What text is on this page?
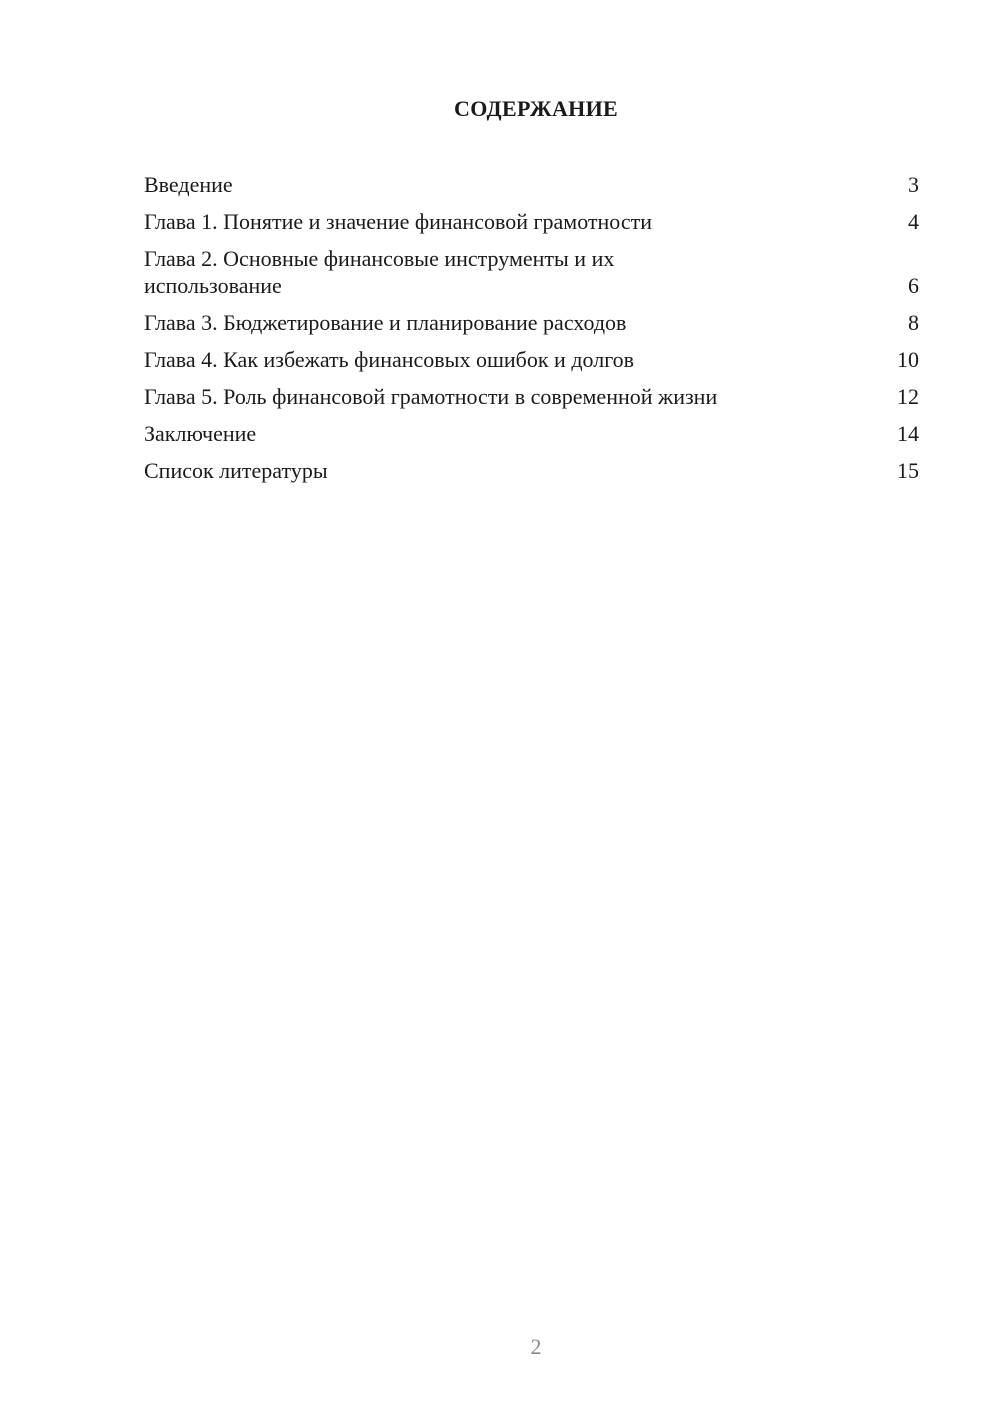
СОДЕРЖАНИЕ
Введение	3
Глава 1. Понятие и значение финансовой грамотности	4
Глава 2. Основные финансовые инструменты и их использование	6
Глава 3. Бюджетирование и планирование расходов	8
Глава 4. Как избежать финансовых ошибок и долгов	10
Глава 5. Роль финансовой грамотности в современной жизни	12
Заключение	14
Список литературы	15
2
